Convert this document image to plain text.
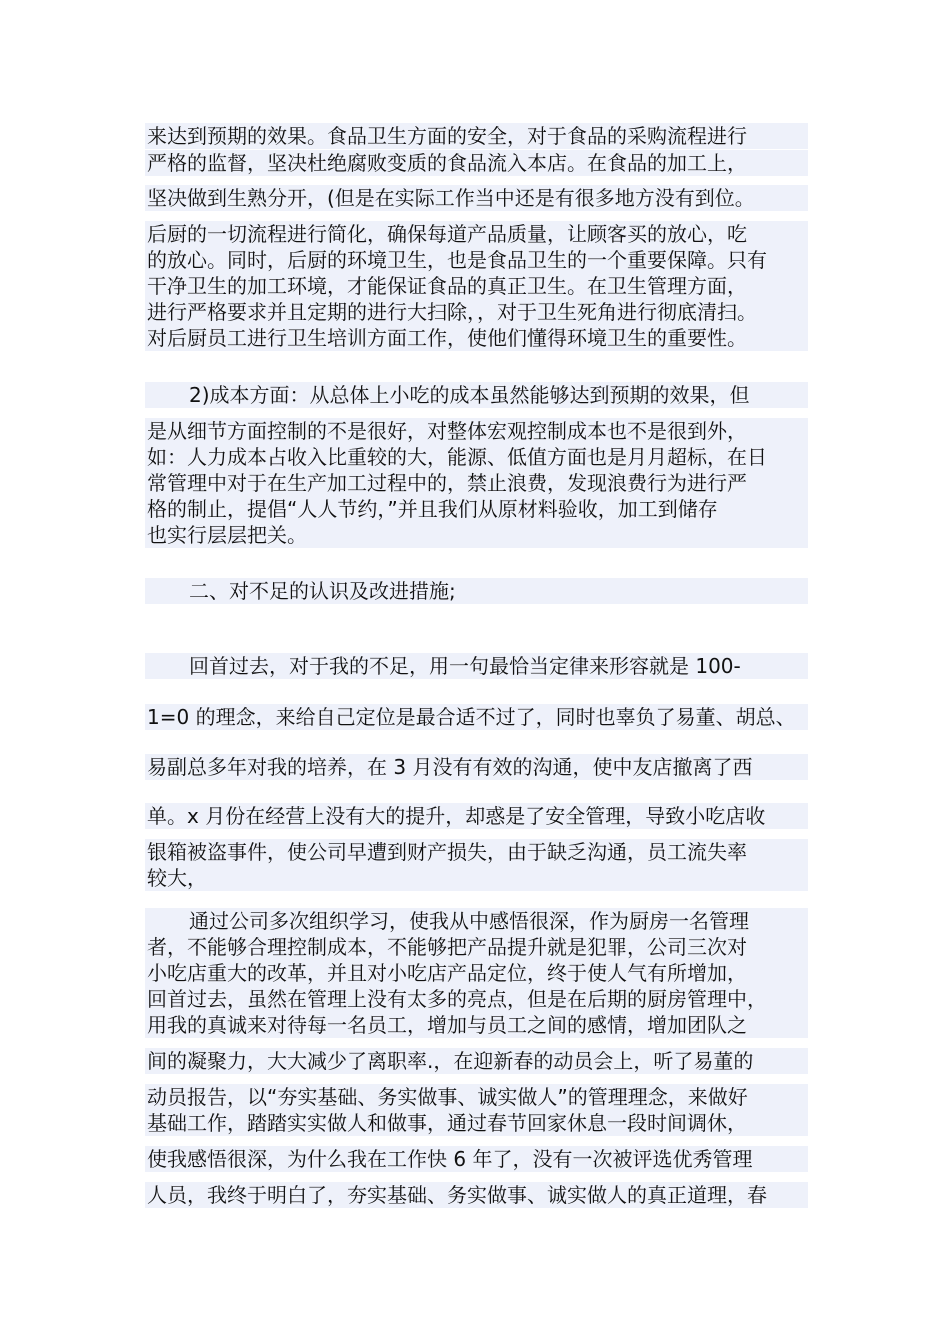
来达到预期的效果。食品卫生方面的安全，对于食品的采购流程进行
严格的监督，坚决杜绝腐败变质的食品流入本店。在食品的加工上，
坚决做到生熟分开，(但是在实际工作当中还是有很多地方没有到位。
后厨的一切流程进行简化，确保每道产品质量，让顾客买的放心，吃
的放心。同时，后厨的环境卫生，也是食品卫生的一个重要保障。只有
干净卫生的加工环境，才能保证食品的真正卫生。在卫生管理方面，
进行严格要求并且定期的进行大扫除，，对于卫生死角进行彻底清扫。
对后厨员工进行卫生培训方面工作，使他们懂得环境卫生的重要性。
2)成本方面：从总体上小吃的成本虽然能够达到预期的效果，但
是从细节方面控制的不是很好，对整体宏观控制成本也不是很到外，
如：人力成本占收入比重较的大，能源、低值方面也是月月超标，在日
常管理中对于在生产加工过程中的，禁止浪费，发现浪费行为进行严
格的制止，提倡“人人节约，”并且我们从原材料验收，加工到储存
也实行层层把关。
二、对不足的认识及改进措施;
回首过去，对于我的不足，用一句最恰当定律来形容就是 100-
1=0 的理念，来给自己定位是最合适不过了，同时也辜负了易董、胡总、
易副总多年对我的培养，在 3 月没有有效的沟通，使中友店撤离了西
单。x 月份在经营上没有大的提升，却惑是了安全管理，导致小吃店收
银箱被盗事件，使公司早遭到财产损失，由于缺乏沟通，员工流失率
较大，
通过公司多次组织学习，使我从中感悟很深，作为厨房一名管理
者，不能够合理控制成本，不能够把产品提升就是犯罪，公司三次对
小吃店重大的改革，并且对小吃店产品定位，终于使人气有所增加，
回首过去，虽然在管理上没有太多的亮点，但是在后期的厨房管理中，
用我的真诚来对待每一名员工，增加与员工之间的感情，增加团队之
间的凝聚力，大大减少了离职率.，在迎新春的动员会上，听了易董的
动员报告，以“夯实基础、务实做事、诚实做人”的管理理念，来做好
基础工作，踏踏实实做人和做事，通过春节回家休息一段时间调休，
使我感悟很深，为什么我在工作快 6 年了，没有一次被评选优秀管理
人员，我终于明白了，夯实基础、务实做事、诚实做人的真正道理，春
